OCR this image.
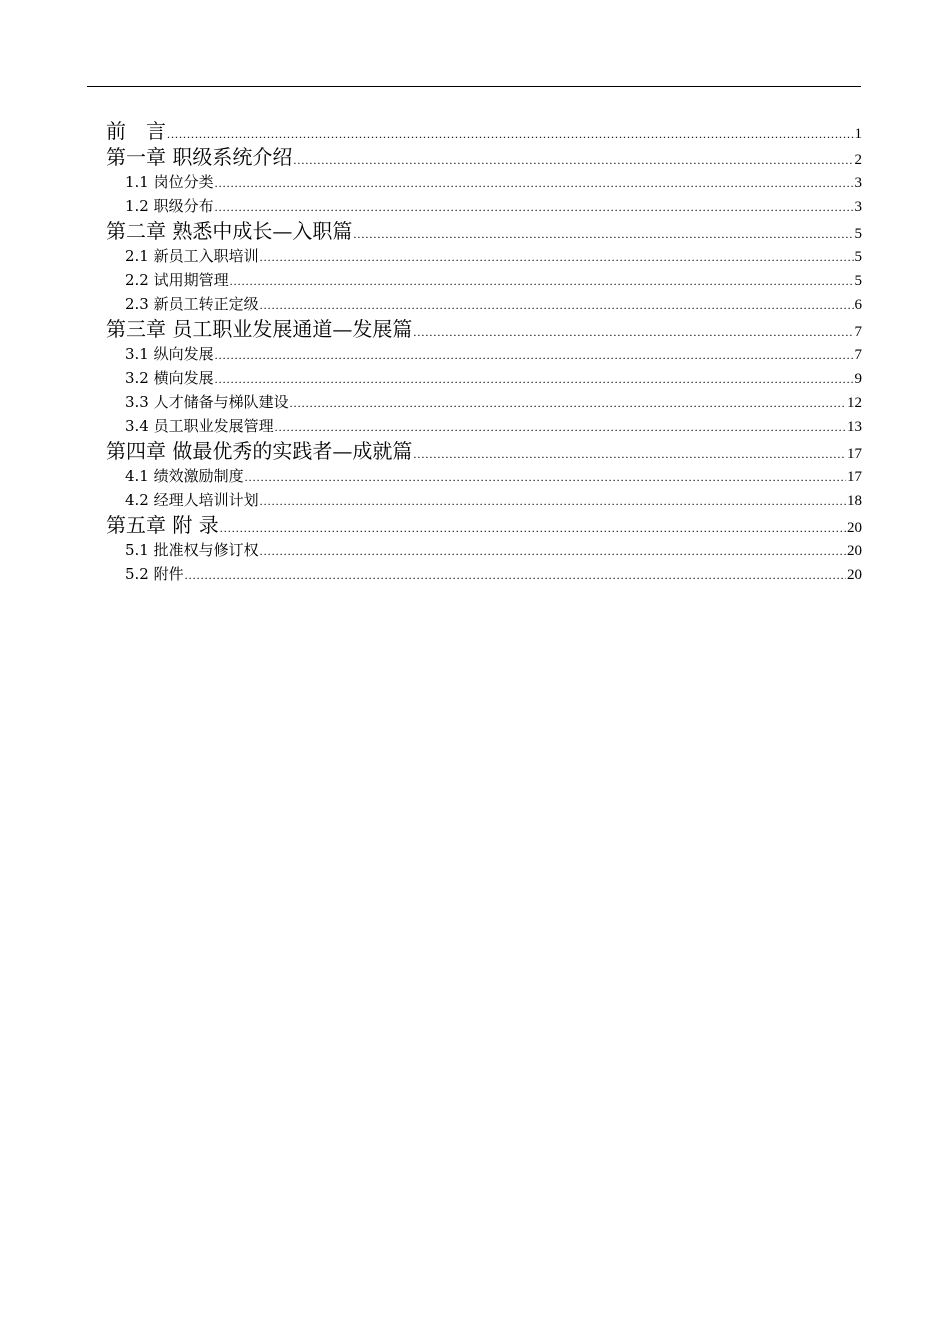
前　言 .....	1
第一章 职级系统介绍 .....	2
1.1 岗位分类 .....	3
1.2 职级分布 .....	3
第二章 熟悉中成长—入职篇 .....	5
2.1 新员工入职培训 .....	5
2.2 试用期管理 .....	5
2.3 新员工转正定级 .....	6
第三章 员工职业发展通道—发展篇 .....	7
3.1 纵向发展 .....	7
3.2 横向发展 .....	9
3.3 人才储备与梯队建设 .....	12
3.4 员工职业发展管理 .....	13
第四章 做最优秀的实践者—成就篇 .....	17
4.1 绩效激励制度 .....	17
4.2 经理人培训计划 .....	18
第五章 附 录 .....	20
5.1 批准权与修订权 .....	20
5.2 附件 .....	20
